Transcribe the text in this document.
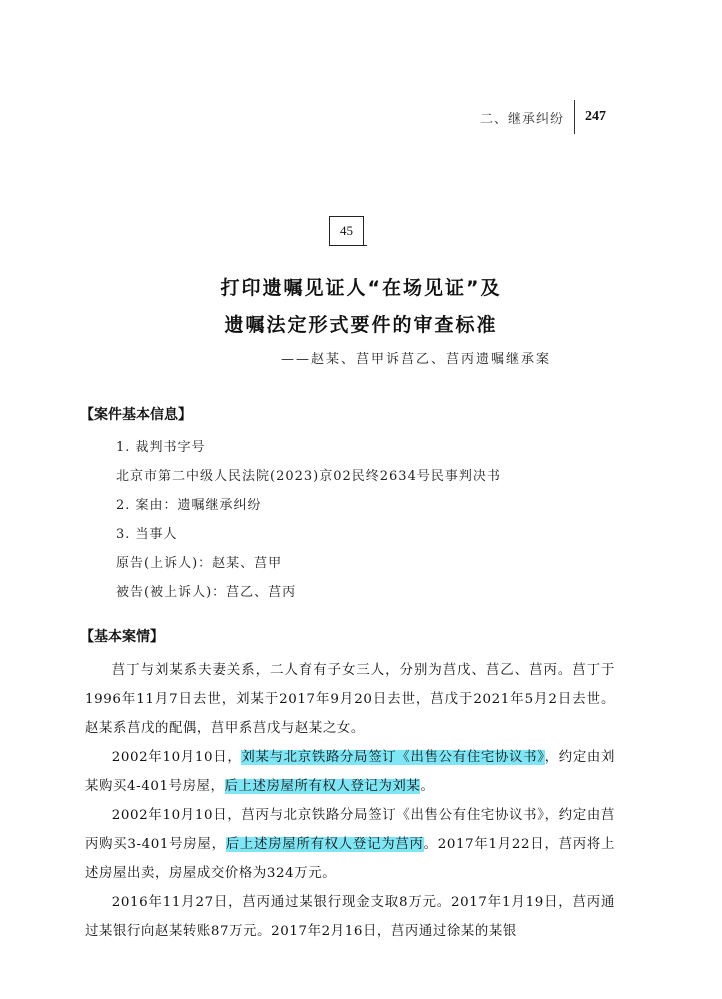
二、继承纠纷	247
45
打印遗嘱见证人“在场见证”及
遗嘱法定形式要件的审查标准
——赵某、莒甲诉莒乙、莒丙遗嘱继承案
【案件基本信息】
1. 裁判书字号
北京市第二中级人民法院(2023)京02民终2634号民事判决书
2. 案由：遗嘱继承纠纷
3. 当事人
原告(上诉人)：赵某、莒甲
被告(被上诉人)：莒乙、莒丙
【基本案情】

莒丁与刘某系夫妻关系，二人育有子女三人，分别为莒戊、莒乙、莒丙。莒丁于1996年11月7日去世，刘某于2017年9月20日去世，莒戊于2021年5月2日去世。赵某系莒戊的配偶，莒甲系莒戊与赵某之女。

2002年10月10日，刘某与北京铁路分局签订《出售公有住宅协议书》，约定由刘某购买4-401号房屋，后上述房屋所有权人登记为刘某。

2002年10月10日，莒丙与北京铁路分局签订《出售公有住宅协议书》，约定由莒丙购买3-401号房屋，后上述房屋所有权人登记为莒丙。2017年1月22日，莒丙将上述房屋出卖，房屋成交价格为324万元。

2016年11月27日，莒丙通过某银行现金支取8万元。2017年1月19日，莒丙通过某银行向赵某转账87万元。2017年2月16日，莒丙通过徐某的某银
